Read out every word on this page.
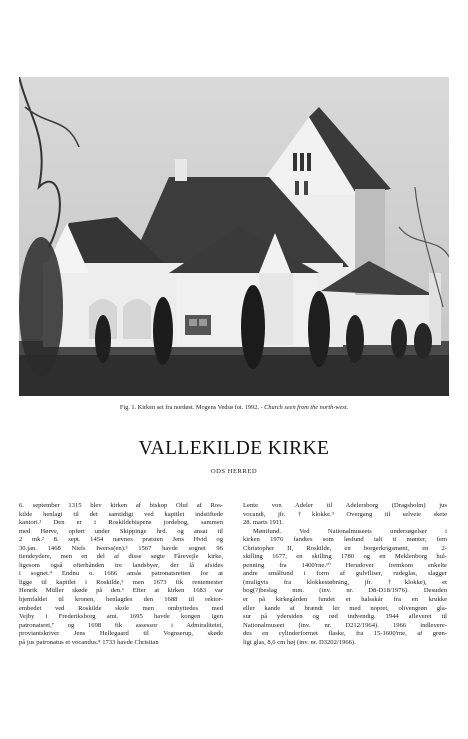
Fig. 1. Kirken set fra nordøst. Mogens Vedsø fot. 1992. - Church seen from the north-west.
VALLEKILDE KIRKE
ODS HERRED
6. september 1315 blev kirken af biskop Oluf af Ros-
kilde henlagt til det samtidigt ved kapitlet indstiftede
kantori.¹ Den er i Roskildebispens jordebog, sammen
med Hørve, opført under Skippinge hrd. og ansat til
2 mk.² 8. sept. 1454 nævnes præsten Jens Hvid og
30.jan. 1468 Niels Iwerss(en).³ 1567 havde sognet 96
tiendeydere, men en del af disse søgte Fårevejle kirke,
ligesom også efterhånden tre landsbyer, der lå afsides
i sognet.⁴ Endnu o. 1666 ansås patronatsretten for at
ligge til kapitlet i Roskilde,⁵ men 1673 fik rentemester
Henrik Müller skøde på den.⁶ Efter at kirken 1683 var
hjemfaldet til kronen, henlagdes den 1688 til rektor-
embedet ved Roskilde skole men ombyttedes med
Vejby i Frederiksborg amt. 1695 havde kongen igen
patronatsret,⁷ og 1698 fik assessor i Admiralitetet,
proviantskriver Jens Hellegaard til Vognserup, skøde
på jus patronatus et vocandus.⁸ 1733 havde Christian
Lente von Adeler til Adelersborg (Dragsholm) jus
vocandi, jfr. †klokke.⁹ Overgang til selveie skete
28. marts 1911.
Møntfund. Ved Nationalmuseets undersøgelser i
kirken 1976 fandtes som løsfund ialt ti mønter, fem
Christopher II, Roskilde, en borgerkrigsmønt, en 2-
skilling 1677, en skilling 1780 og en Meklenborg hul-
penning fra 1400'rne.¹⁰ Herudover fremkom enkelte
andre smålfund i form af gulvfliser, rudeglas, slagger
(muligvis fra klokkestøbning, jfr. †klokke), et
bog(?)beslag mm. (inv. nr. D8-D18/1976). Desuden
er på kirkegården fundet et halsskår fra en krukke
eller kande af brændt ler med nopret, olivengrøn gla-
sur på ydersiden og rød indvendig. 1944 afleveret til
Nationalmuseet (inv. nr. D212/1964). 1966 indlevere-
des en cylinderformet flaske, fra 15-1600'rne, af grøn-
ligt glas, 8,6 cm høj (inv. nr. D3202/1966).
